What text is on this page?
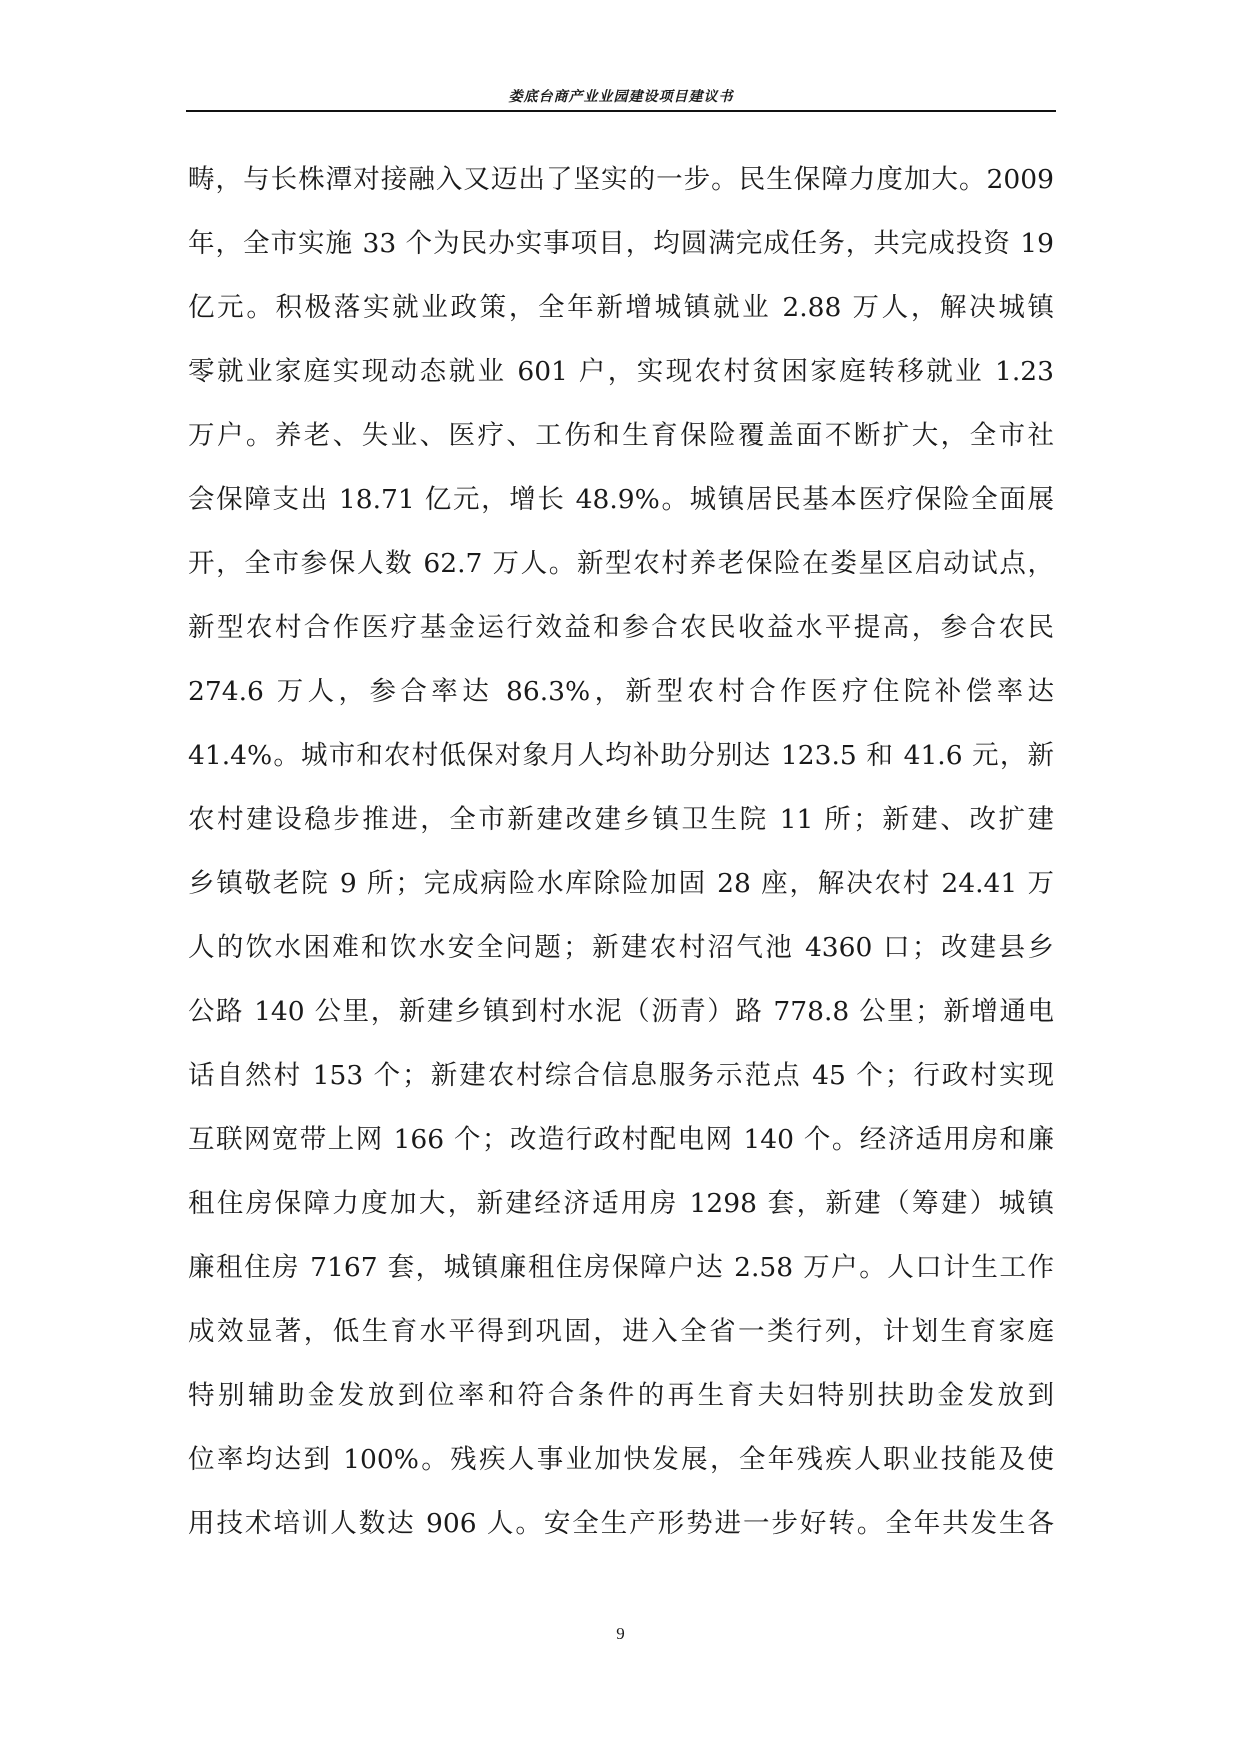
娄底台商产业业园建设项目建议书
畴，与长株潭对接融入又迈出了坚实的一步。民生保障力度加大。2009
年，全市实施 33 个为民办实事项目，均圆满完成任务，共完成投资 19
亿元。积极落实就业政策，全年新增城镇就业 2.88 万人，解决城镇
零就业家庭实现动态就业 601 户，实现农村贫困家庭转移就业 1.23
万户。养老、失业、医疗、工伤和生育保险覆盖面不断扩大，全市社
会保障支出 18.71 亿元，增长 48.9%。城镇居民基本医疗保险全面展
开，全市参保人数 62.7 万人。新型农村养老保险在娄星区启动试点，
新型农村合作医疗基金运行效益和参合农民收益水平提高，参合农民
274.6 万人，参合率达 86.3%，新型农村合作医疗住院补偿率达
41.4%。城市和农村低保对象月人均补助分别达 123.5 和 41.6 元，新
农村建设稳步推进，全市新建改建乡镇卫生院 11 所；新建、改扩建
乡镇敬老院 9 所；完成病险水库除险加固 28 座，解决农村 24.41 万
人的饮水困难和饮水安全问题；新建农村沼气池 4360 口；改建县乡
公路 140 公里，新建乡镇到村水泥（沥青）路 778.8 公里；新增通电
话自然村 153 个；新建农村综合信息服务示范点 45 个；行政村实现
互联网宽带上网 166 个；改造行政村配电网 140 个。经济适用房和廉
租住房保障力度加大，新建经济适用房 1298 套，新建（筹建）城镇
廉租住房 7167 套，城镇廉租住房保障户达 2.58 万户。人口计生工作
成效显著，低生育水平得到巩固，进入全省一类行列，计划生育家庭
特别辅助金发放到位率和符合条件的再生育夫妇特别扶助金发放到
位率均达到 100%。残疾人事业加快发展，全年残疾人职业技能及使
用技术培训人数达 906 人。安全生产形势进一步好转。全年共发生各
9
